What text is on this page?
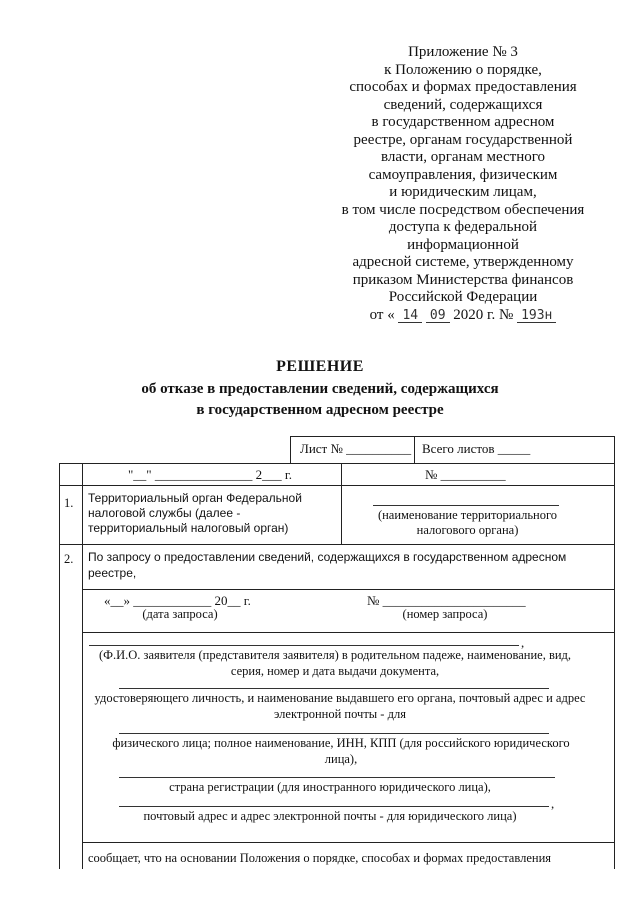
Приложение № 3
к Положению о порядке,
способах и формах предоставления
сведений, содержащихся
в государственном адресном
реестре, органам государственной
власти, органам местного
самоуправления, физическим
и юридическим лицам,
в том числе посредством обеспечения
доступа к федеральной
информационной
адресной системе, утвержденному
приказом Министерства финансов
Российской Федерации
от « 14 09 2020 г. № 193н
РЕШЕНИЕ
об отказе в предоставлении сведений, содержащихся
в государственном адресном реестре
Лист № __________ Всего листов _____
"__" _______________ 2___ г.	№ __________
1. Территориальный орган Федеральной налоговой службы (далее - территориальный налоговый орган)
(наименование территориального налогового органа)
2. По запросу о предоставлении сведений, содержащихся в государственном адресном реестре,
«__» ____________ 20__ г.
(дата запроса)
№ ______________________
(номер запроса)
,
(Ф.И.О. заявителя (представителя заявителя) в родительном падеже, наименование, вид, серия, номер и дата выдачи документа,
удостоверяющего личность, и наименование выдавшего его органа, почтовый адрес и адрес электронной почты - для
физического лица; полное наименование, ИНН, КПП (для российского юридического лица),
страна регистрации (для иностранного юридического лица),
,
почтовый адрес и адрес электронной почты - для юридического лица)
сообщает, что на основании Положения о порядке, способах и формах предоставления
